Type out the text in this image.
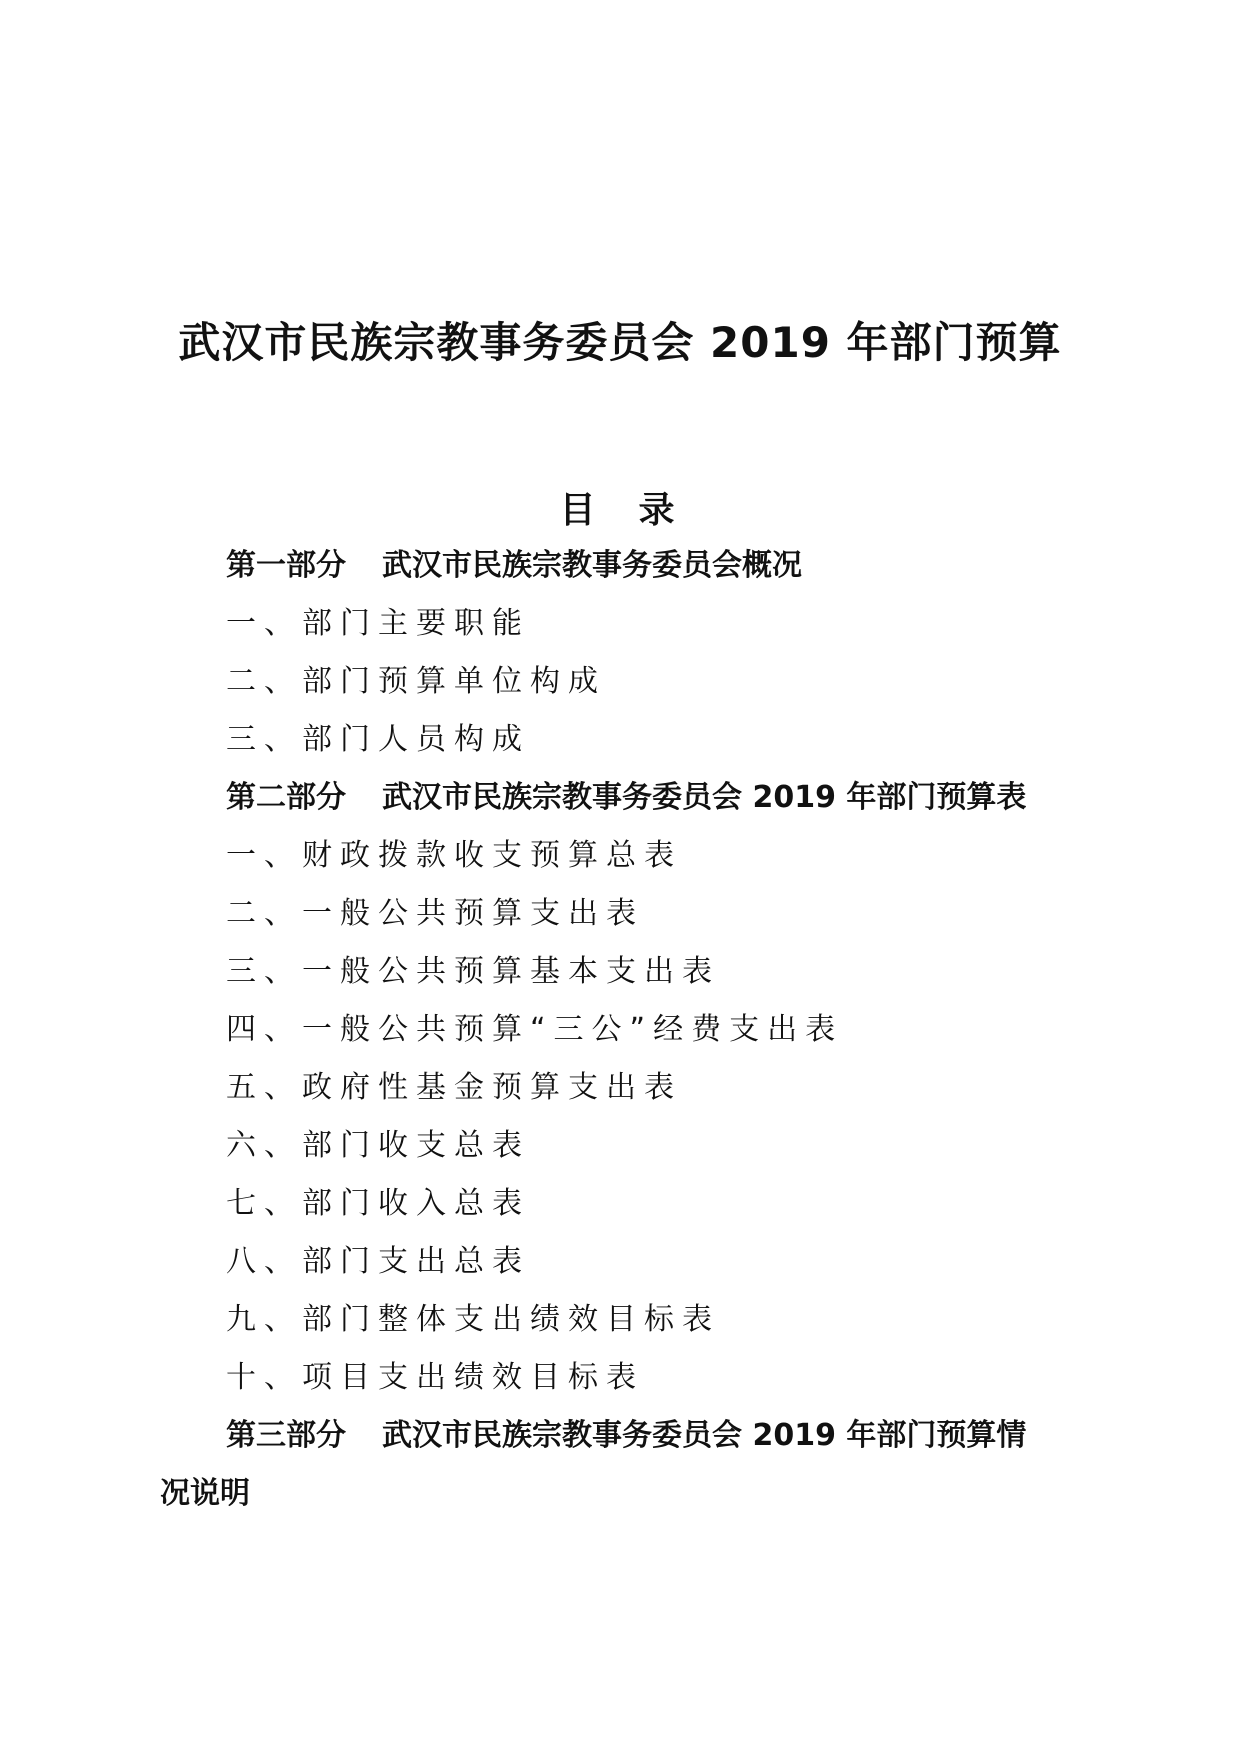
武汉市民族宗教事务委员会 2019 年部门预算
目  录
第一部分 武汉市民族宗教事务委员会概况
一、部门主要职能
二、部门预算单位构成
三、部门人员构成
第二部分 武汉市民族宗教事务委员会 2019 年部门预算表
一、财政拨款收支预算总表
二、一般公共预算支出表
三、一般公共预算基本支出表
四、一般公共预算“三公”经费支出表
五、政府性基金预算支出表
六、部门收支总表
七、部门收入总表
八、部门支出总表
九、部门整体支出绩效目标表
十、项目支出绩效目标表
第三部分 武汉市民族宗教事务委员会 2019 年部门预算情
况说明
